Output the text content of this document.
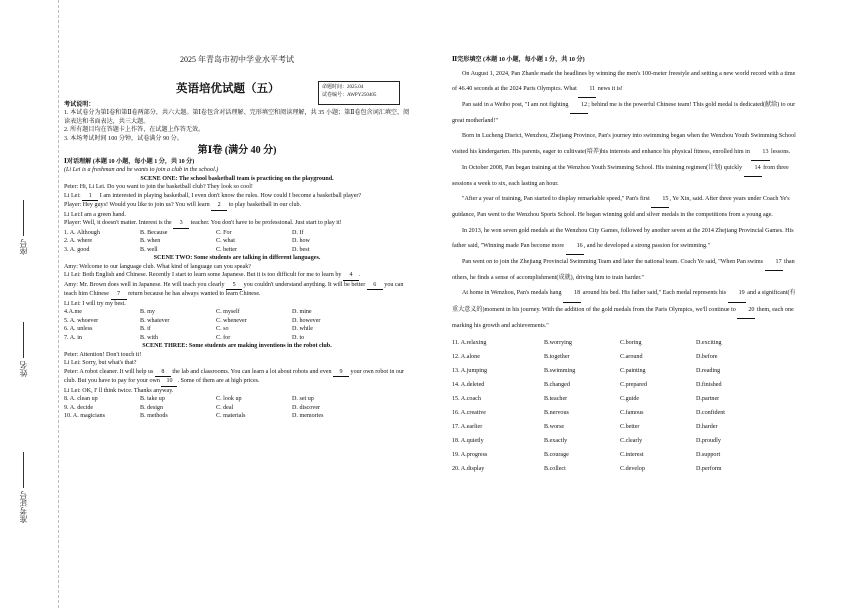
座号
姓名
准考证号

2025 年青岛市初中学业水平考试

考试说明：
1. 本试卷分为第Ⅰ卷和第Ⅱ卷两部分，共六大题。第Ⅰ卷包含对话理解、完形填空和阅读理解，共 35 小题；第Ⅱ卷包含词汇填空、阅读表达和书面表达，共三大题。
2. 所有题目均在答题卡上作答，在试题上作答无效。
3. 本场考试时间 100 分钟，试卷满分 90 分。
第Ⅰ卷 (满分 40 分)
Ⅰ对话理解 (本题 10 小题，每小题 1 分，共 10 分)
(Li Lei is a freshman and he wants to join a club in the school.)
SCENE ONE: The school basketball team is practicing on the playground.
Peter: Hi, Li Lei. Do you want to join the basketball club? They look so cool!
Li Lei: 1 I am interested in playing basketball, I even don't know the rules. How could I become a basketball player?
Player: Hey guys! Would you like to join us? You will learn 2 to play basketball in our club.
Li Lei:I am a green hand.
Player: Well, it doesn't matter. Interest is the 3 teacher. You don't have to be professional. Just start to play it!
1. A. Although	B. Because	C. For	D. If
2. A. where	B. when	C. what	D. how
3. A. good	B. well	C. better	D. best
SCENE TWO: Some students are talking in different languages.
Amy: Welcome to our language club. What kind of language can you speak?
Li Lei: Both English and Chinese. Recently I start to learn some Japanese. But it is too difficult for me to learn by 4 .
Amy: Mr. Brown does well in Japanese. He will teach you clearly 5 you couldn't understand anything. It will be better 6 you can teach him Chinese 7 return because he has always wanted to learn Chinese.
Li Lei: I will try my best.
4.A.me	B. my	C. myself	D. mine
5. A. whoever	B. whatever	C. whenever	D. however
6. A. unless	B. if	C. so	D. while
7. A. in	B. with	C. for	D. to
SCENE THREE: Some students are making inventions in the robot club.
Peter: Attention! Don't touch it!
Li Lei: Sorry, but what's that?
Peter: A robot cleaner. It will help us 8 the lab and classrooms. You can learn a lot about robots and even 9 your own robot in our club. But you have to pay for your own 10 . Some of them are at high prices.
Li Lei: OK, I' ll think twice. Thanks anyway.
8. A. clean up	B. take up	C. look up	D. set up
9. A. decide	B. design	C. deal	D. discover
10. A. magicians	B. methods	C. materials	D. memories
英语培优试题（五）	命题时间：2025.04
试卷编号：AWPY250405
Ⅱ完形填空 (本题 10 小题，每小题 1 分，共 10 分)

On August 1, 2024, Pan Zhanle made the headlines by winning the men's 100-meter freestyle and setting a new world record with a time of 46.40 seconds at the 2024 Paris Olympics. What 11 news it is!

Pan said in a Weibo post, "I am not fighting 12; behind me is the powerful Chinese team! This gold medal is dedicated(献给) to our great motherland!"

Born in Lucheng Disrict, Wenzhou, Zhejiang Province, Pan's journey into swimming began when the Wenzhou Youth Swimming School visited his kindergarten. His parents, eager to cultivate(培养)his interests and enhance his physical fitness, enrolled him in 13 lessons.

In October 2008, Pan began training at the Wenzhou Youth Swimming School. His training regimen(计划) quickly 14 from three sessions a week to six, each lasting an hour.

"After a year of training, Pan started to display remarkable speed," Pan's first 15, Ye Xin, said. After three years under Coach Ye's guidance, Pan went to the Wenzhou Sports School. He began winning gold and silver medals in the competitions from a young age.

In 2013, he won seven gold medals at the Wenzhou City Games, followed by another seven at the 2014 Zhejiang Provincial Games. His father said, "Winning made Pan become more 16, and he developed a strong passion for swimming."

Pan went on to join the Zhejiang Provincial Swimming Team and later the national team. Coach Ye said, "When Pan swims 17 than others, he finds a sense of accomplishment(成就), driving him to train harder."

At home in Wenzhou, Pan's medals hang 18 around his bed. His father said," Each medal represents his 19 and a significant(有重大意义的)moment in his journey. With the addition of the gold medals from the Paris Olympics, we'll continue to 20 them, each one marking his growth and achievements."

11. A.relaxing	B.worrying	C.boring	D.exciting
12. A.alone	B.together	C.around	D.before
13. A.jumping	B.swimming	C.painting	D.reading
14. A.deleted	B.changed	C.prepared	D.finished
15. A.coach	B.teacher	C.guide	D.partner
16. A.creative	B.nervous	C.famous	D.confident
17. A.earlier	B.worse	C.better	D.harder
18. A.quietly	B.exactly	C.clearly	D.proudly
19. A.progress	B.courage	C.interest	D.support
20. A.display	B.collect	C.develop	D.perform
